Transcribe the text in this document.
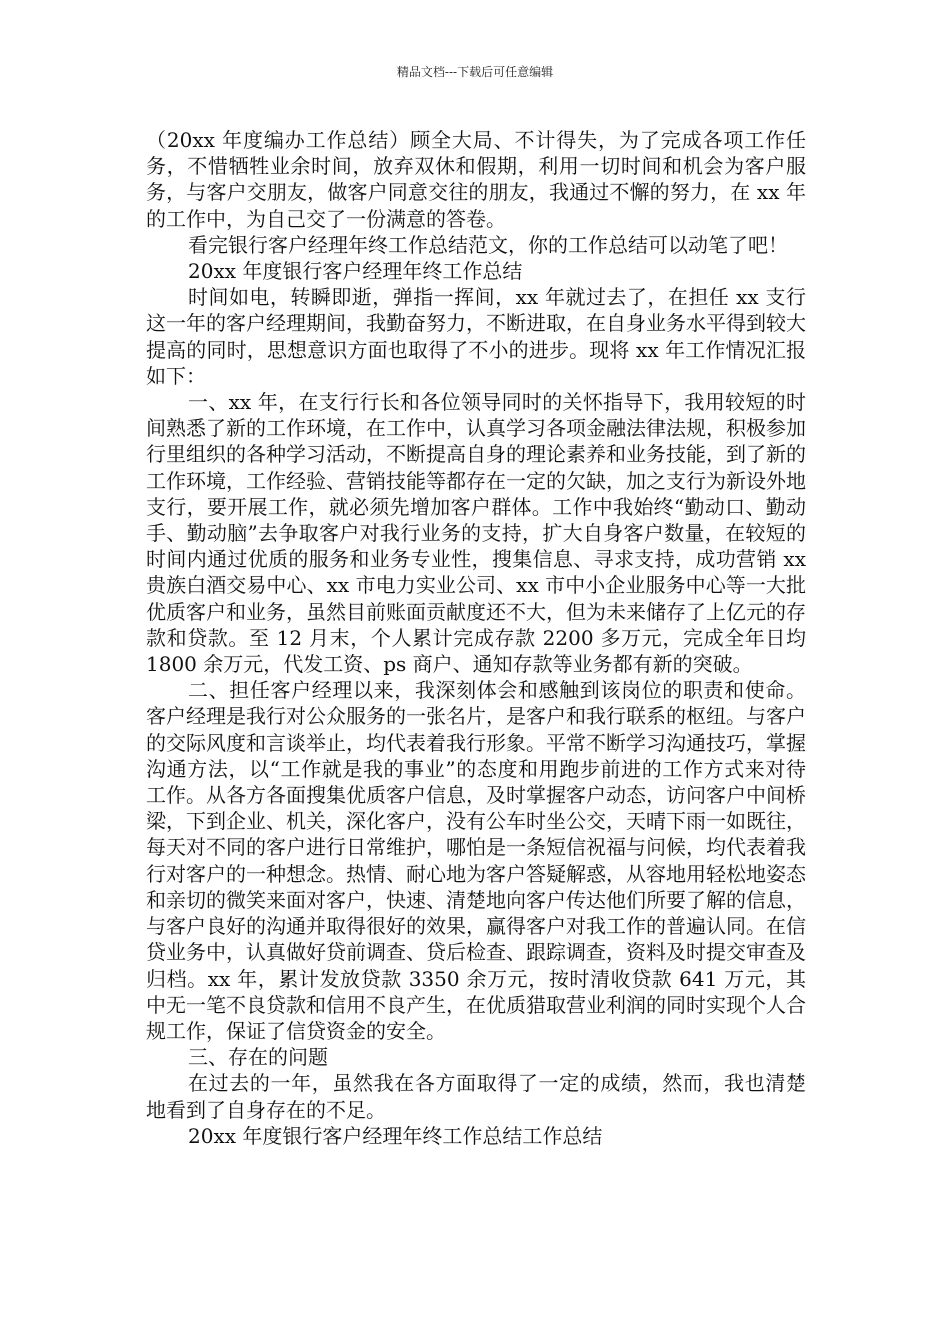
精品文档---下载后可任意编辑

（20xx 年度编办工作总结）顾全大局、不计得失，为了完成各项工作任务，不惜牺牲业余时间，放弃双休和假期，利用一切时间和机会为客户服务，与客户交朋友，做客户同意交往的朋友，我通过不懈的努力，在 xx 年的工作中，为自己交了一份满意的答卷。

看完银行客户经理年终工作总结范文，你的工作总结可以动笔了吧！

20xx 年度银行客户经理年终工作总结

时间如电，转瞬即逝，弹指一挥间，xx 年就过去了，在担任 xx 支行这一年的客户经理期间，我勤奋努力，不断进取，在自身业务水平得到较大提高的同时，思想意识方面也取得了不小的进步。现将 xx 年工作情况汇报如下：

一、xx 年，在支行行长和各位领导同时的关怀指导下，我用较短的时间熟悉了新的工作环境，在工作中，认真学习各项金融法律法规，积极参加行里组织的各种学习活动，不断提高自身的理论素养和业务技能，到了新的工作环境，工作经验、营销技能等都存在一定的欠缺，加之支行为新设外地支行，要开展工作，就必须先增加客户群体。工作中我始终“勤动口、勤动手、勤动脑”去争取客户对我行业务的支持，扩大自身客户数量，在较短的时间内通过优质的服务和业务专业性，搜集信息、寻求支持，成功营销 xx 贵族白酒交易中心、xx 市电力实业公司、xx 市中小企业服务中心等一大批优质客户和业务，虽然目前账面贡献度还不大，但为未来储存了上亿元的存款和贷款。至 12 月末，个人累计完成存款 2200 多万元，完成全年日均 1800 余万元，代发工资、ps 商户、通知存款等业务都有新的突破。

二、担任客户经理以来，我深刻体会和感触到该岗位的职责和使命。客户经理是我行对公众服务的一张名片，是客户和我行联系的枢纽。与客户的交际风度和言谈举止，均代表着我行形象。平常不断学习沟通技巧，掌握沟通方法，以“工作就是我的事业”的态度和用跑步前进的工作方式来对待工作。从各方各面搜集优质客户信息，及时掌握客户动态，访问客户中间桥梁，下到企业、机关，深化客户，没有公车时坐公交，天晴下雨一如既往，每天对不同的客户进行日常维护，哪怕是一条短信祝福与问候，均代表着我行对客户的一种想念。热情、耐心地为客户答疑解惑，从容地用轻松地姿态和亲切的微笑来面对客户，快速、清楚地向客户传达他们所要了解的信息，与客户良好的沟通并取得很好的效果，赢得客户对我工作的普遍认同。在信贷业务中，认真做好贷前调查、贷后检查、跟踪调查，资料及时提交审查及归档。xx 年，累计发放贷款 3350 余万元，按时清收贷款 641 万元，其中无一笔不良贷款和信用不良产生，在优质猎取营业利润的同时实现个人合规工作，保证了信贷资金的安全。

三、存在的问题

在过去的一年，虽然我在各方面取得了一定的成绩，然而，我也清楚地看到了自身存在的不足。

20xx 年度银行客户经理年终工作总结工作总结
